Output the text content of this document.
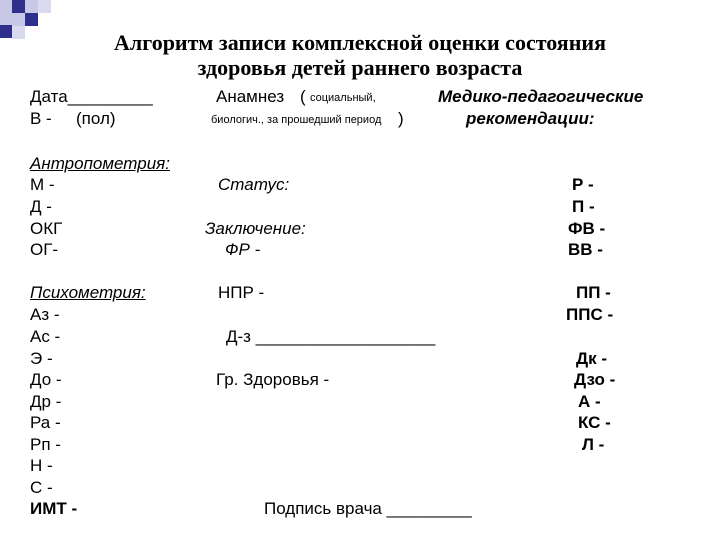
Алгоритм записи комплексной оценки состояния
здоровья детей раннего возраста
Дата_________
В - (пол)
Анамнез ( социальный,
биологич., за прошедший период )
Медико-педагогические
рекомендации:
Антропометрия:
М -
Д -
ОКГ
ОГ-
Статус:
Заключение:
ФР -
Р -
П -
ФВ -
ВВ -
Психометрия:
Аз -
Ас -
Э -
До -
Др -
Ра -
Рп -
Н -
С -
ИМТ -
НПР -
Д-з ___________________
Гр. Здоровья -
Подпись врача _________
ПП -
ППС -
Дк -
Дзо -
А -
КС -
Л -
